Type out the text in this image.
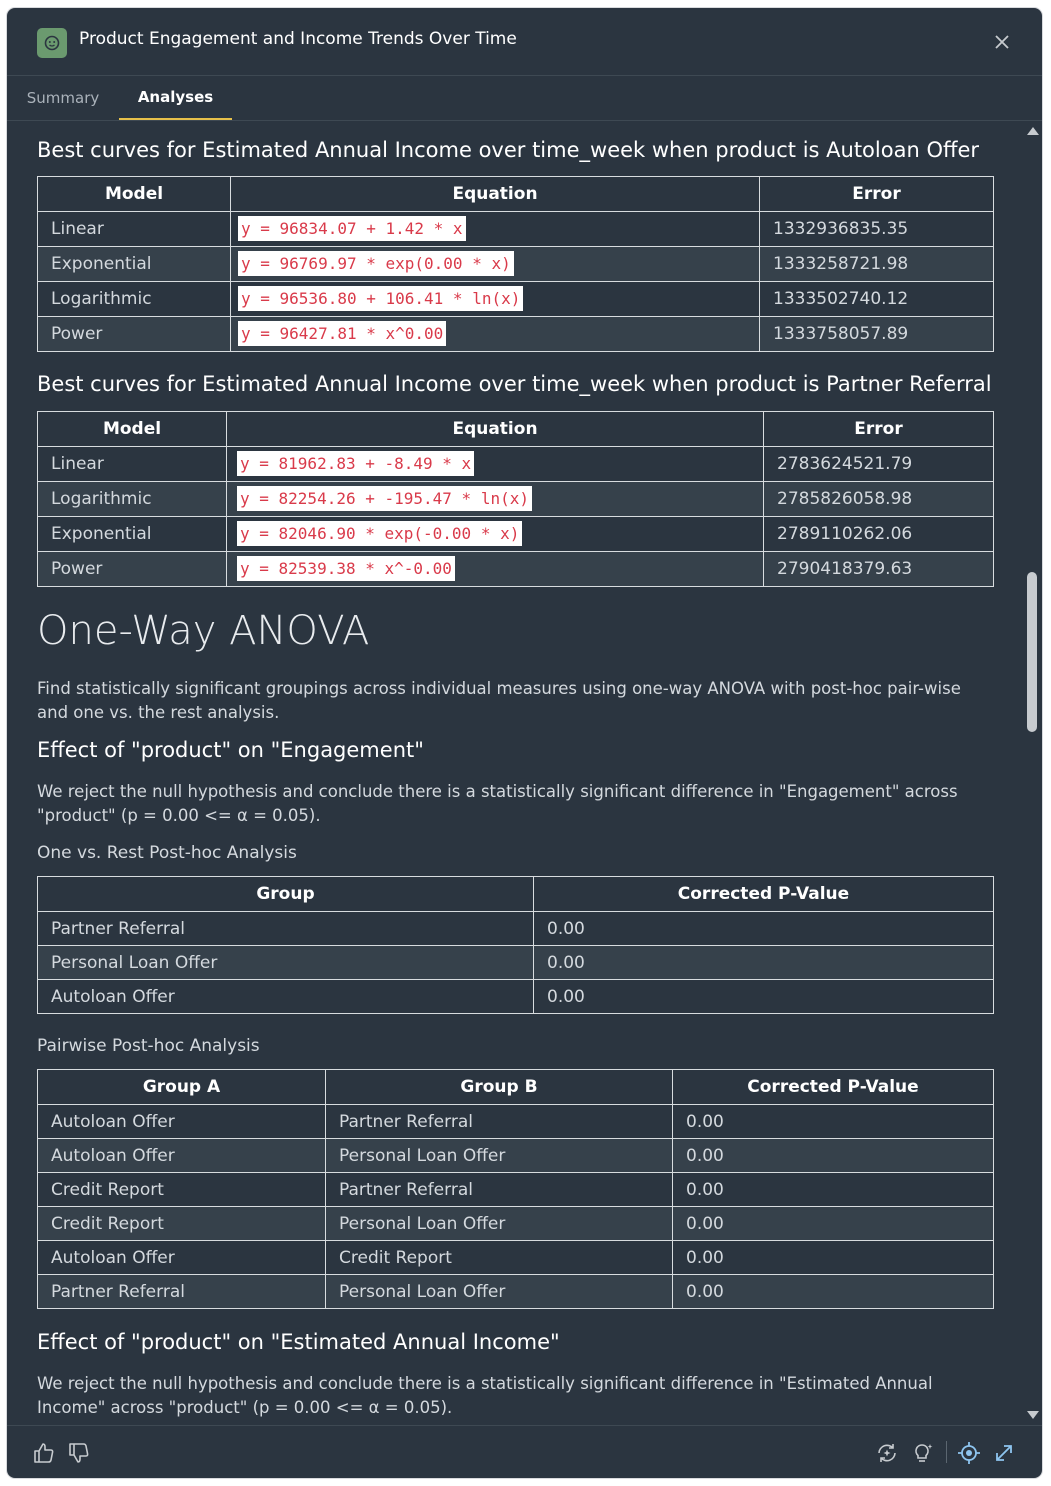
Product Engagement and Income Trends Over Time
Summary	Analyses
Best curves for Estimated Annual Income over time_week when product is Autoloan Offer
Model	Equation	Error
Linear	y = 96834.07 + 1.42 * x	1332936835.35
Exponential	y = 96769.97 * exp(0.00 * x)	1333258721.98
Logarithmic	y = 96536.80 + 106.41 * ln(x)	1333502740.12
Power	y = 96427.81 * x^0.00	1333758057.89
Best curves for Estimated Annual Income over time_week when product is Partner Referral
Model	Equation	Error
Linear	y = 81962.83 + -8.49 * x	2783624521.79
Logarithmic	y = 82254.26 + -195.47 * ln(x)	2785826058.98
Exponential	y = 82046.90 * exp(-0.00 * x)	2789110262.06
Power	y = 82539.38 * x^-0.00	2790418379.63
One-Way ANOVA
Find statistically significant groupings across individual measures using one-way ANOVA with post-hoc pair-wise and one vs. the rest analysis.
Effect of "product" on "Engagement"
We reject the null hypothesis and conclude there is a statistically significant difference in "Engagement" across "product" (p = 0.00 <= α = 0.05).
One vs. Rest Post-hoc Analysis
Group	Corrected P-Value
Partner Referral	0.00
Personal Loan Offer	0.00
Autoloan Offer	0.00
Pairwise Post-hoc Analysis
Group A	Group B	Corrected P-Value
Autoloan Offer	Partner Referral	0.00
Autoloan Offer	Personal Loan Offer	0.00
Credit Report	Partner Referral	0.00
Credit Report	Personal Loan Offer	0.00
Autoloan Offer	Credit Report	0.00
Partner Referral	Personal Loan Offer	0.00
Effect of "product" on "Estimated Annual Income"
We reject the null hypothesis and conclude there is a statistically significant difference in "Estimated Annual Income" across "product" (p = 0.00 <= α = 0.05).
